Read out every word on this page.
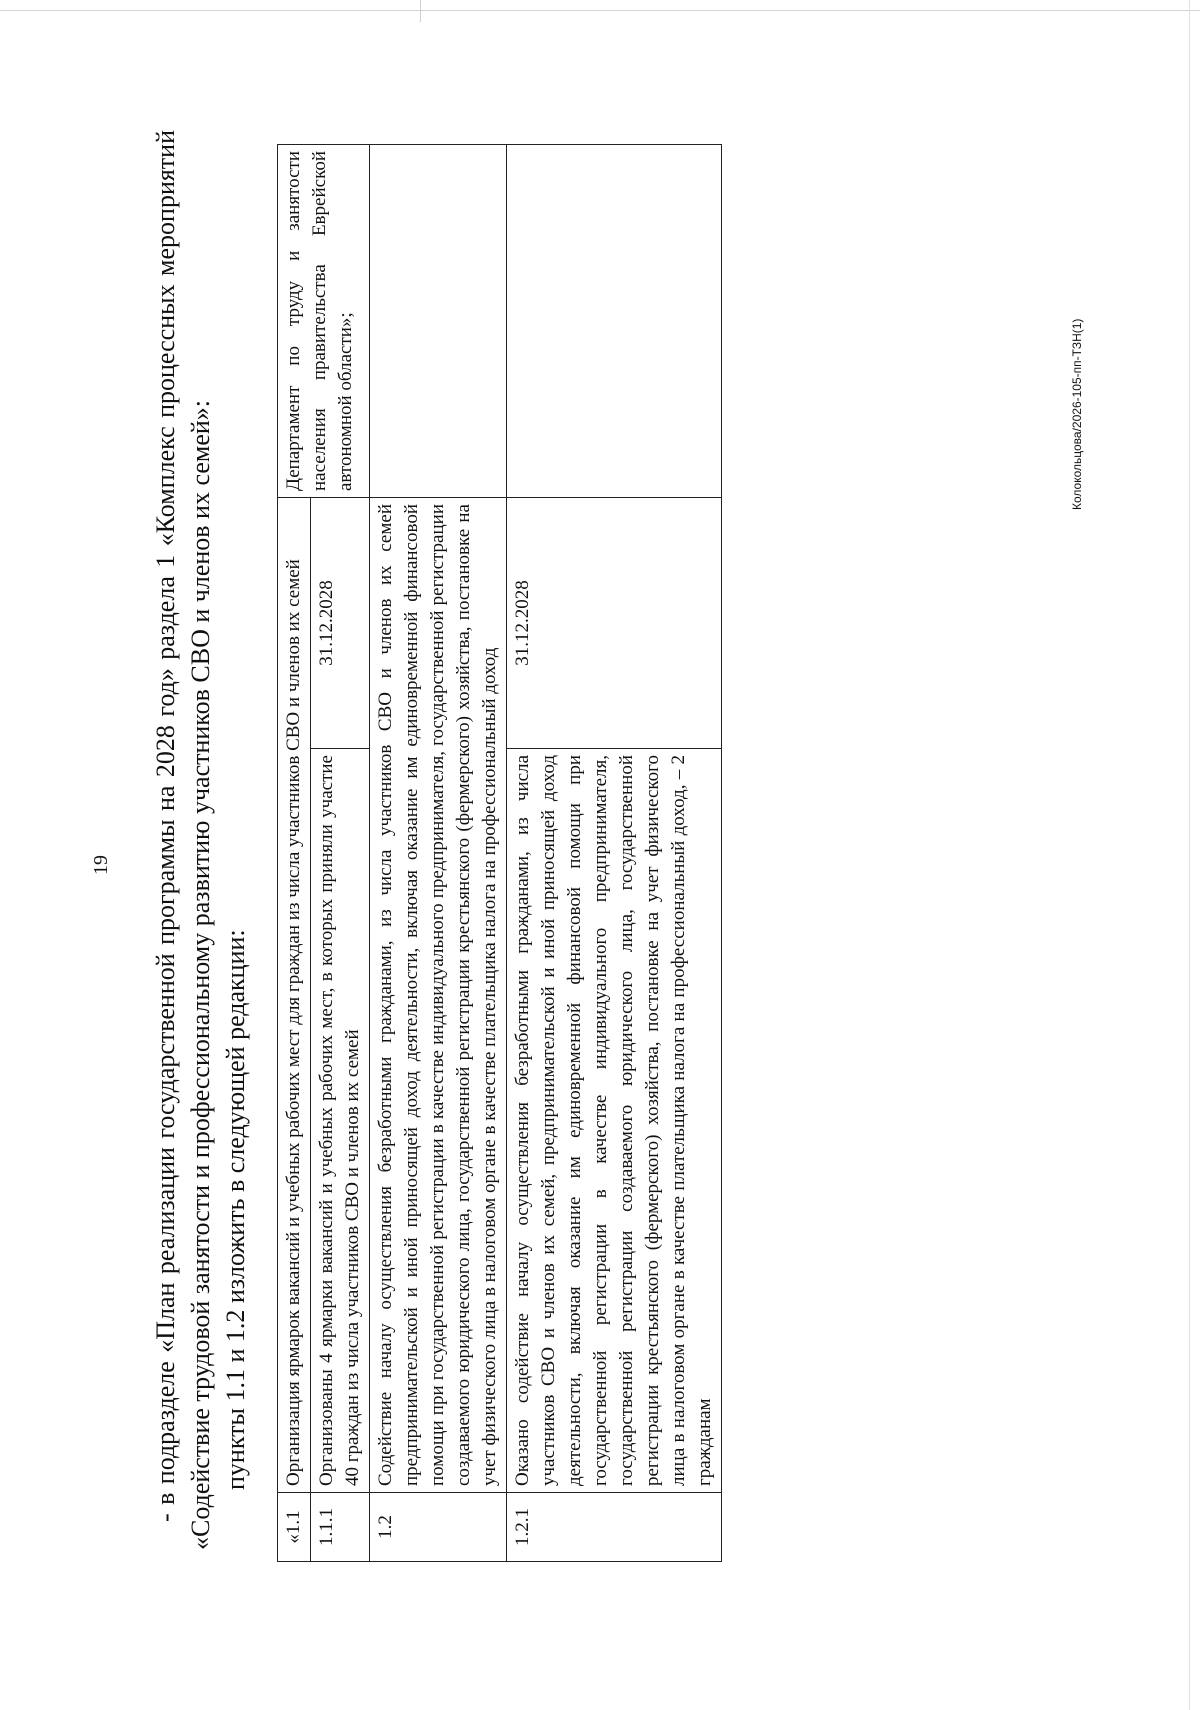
19 - в подразделе «План реализации государственной программы на 2028 год» раздела 1 «Комплекс процессных мероприятий «Содействие трудовой занятости и профессиональному развитию участников СВО и членов их семей»: пункты 1.1 и 1.2 изложить в следующей редакции:
«1.1	Организация ярмарок вакансий и учебных рабочих мест для граждан из числа участников СВО и членов их семей		Департамент по труду и занятости населения правительства Еврейской автономной области»;
1.1.1	Организованы 4 ярмарки вакансий и учебных рабочих мест, в которых приняли участие 40 граждан из числа участников СВО и членов их семей	31.12.2028	
1.2	Содействие началу осуществления безработными гражданами, из числа участников СВО и членов их семей предпринимательской и иной приносящей доход деятельности, включая оказание им единовременной финансовой помощи при государственной регистрации в качестве индивидуального предпринимателя, государственной регистрации создаваемого юридического лица, государственной регистрации крестьянского (фермерского) хозяйства, постановке на учет физического лица в налоговом органе в качестве плательщика налога на профессиональный доход		
1.2.1	Оказано содействие началу осуществления безработными гражданами, из числа участников СВО и членов их семей, предпринимательской и иной приносящей доход деятельности, включая оказание им единовременной финансовой помощи при государственной регистрации в качестве индивидуального предпринимателя, государственной регистрации создаваемого юридического лица, государственной регистрации крестьянского (фермерского) хозяйства, постановке на учет физического лица в налоговом органе в качестве плательщика налога на профессиональный доход, – 2 гражданам	31.12.2028	
Колокольцова/2026-105-пп-ТЗН(1)
